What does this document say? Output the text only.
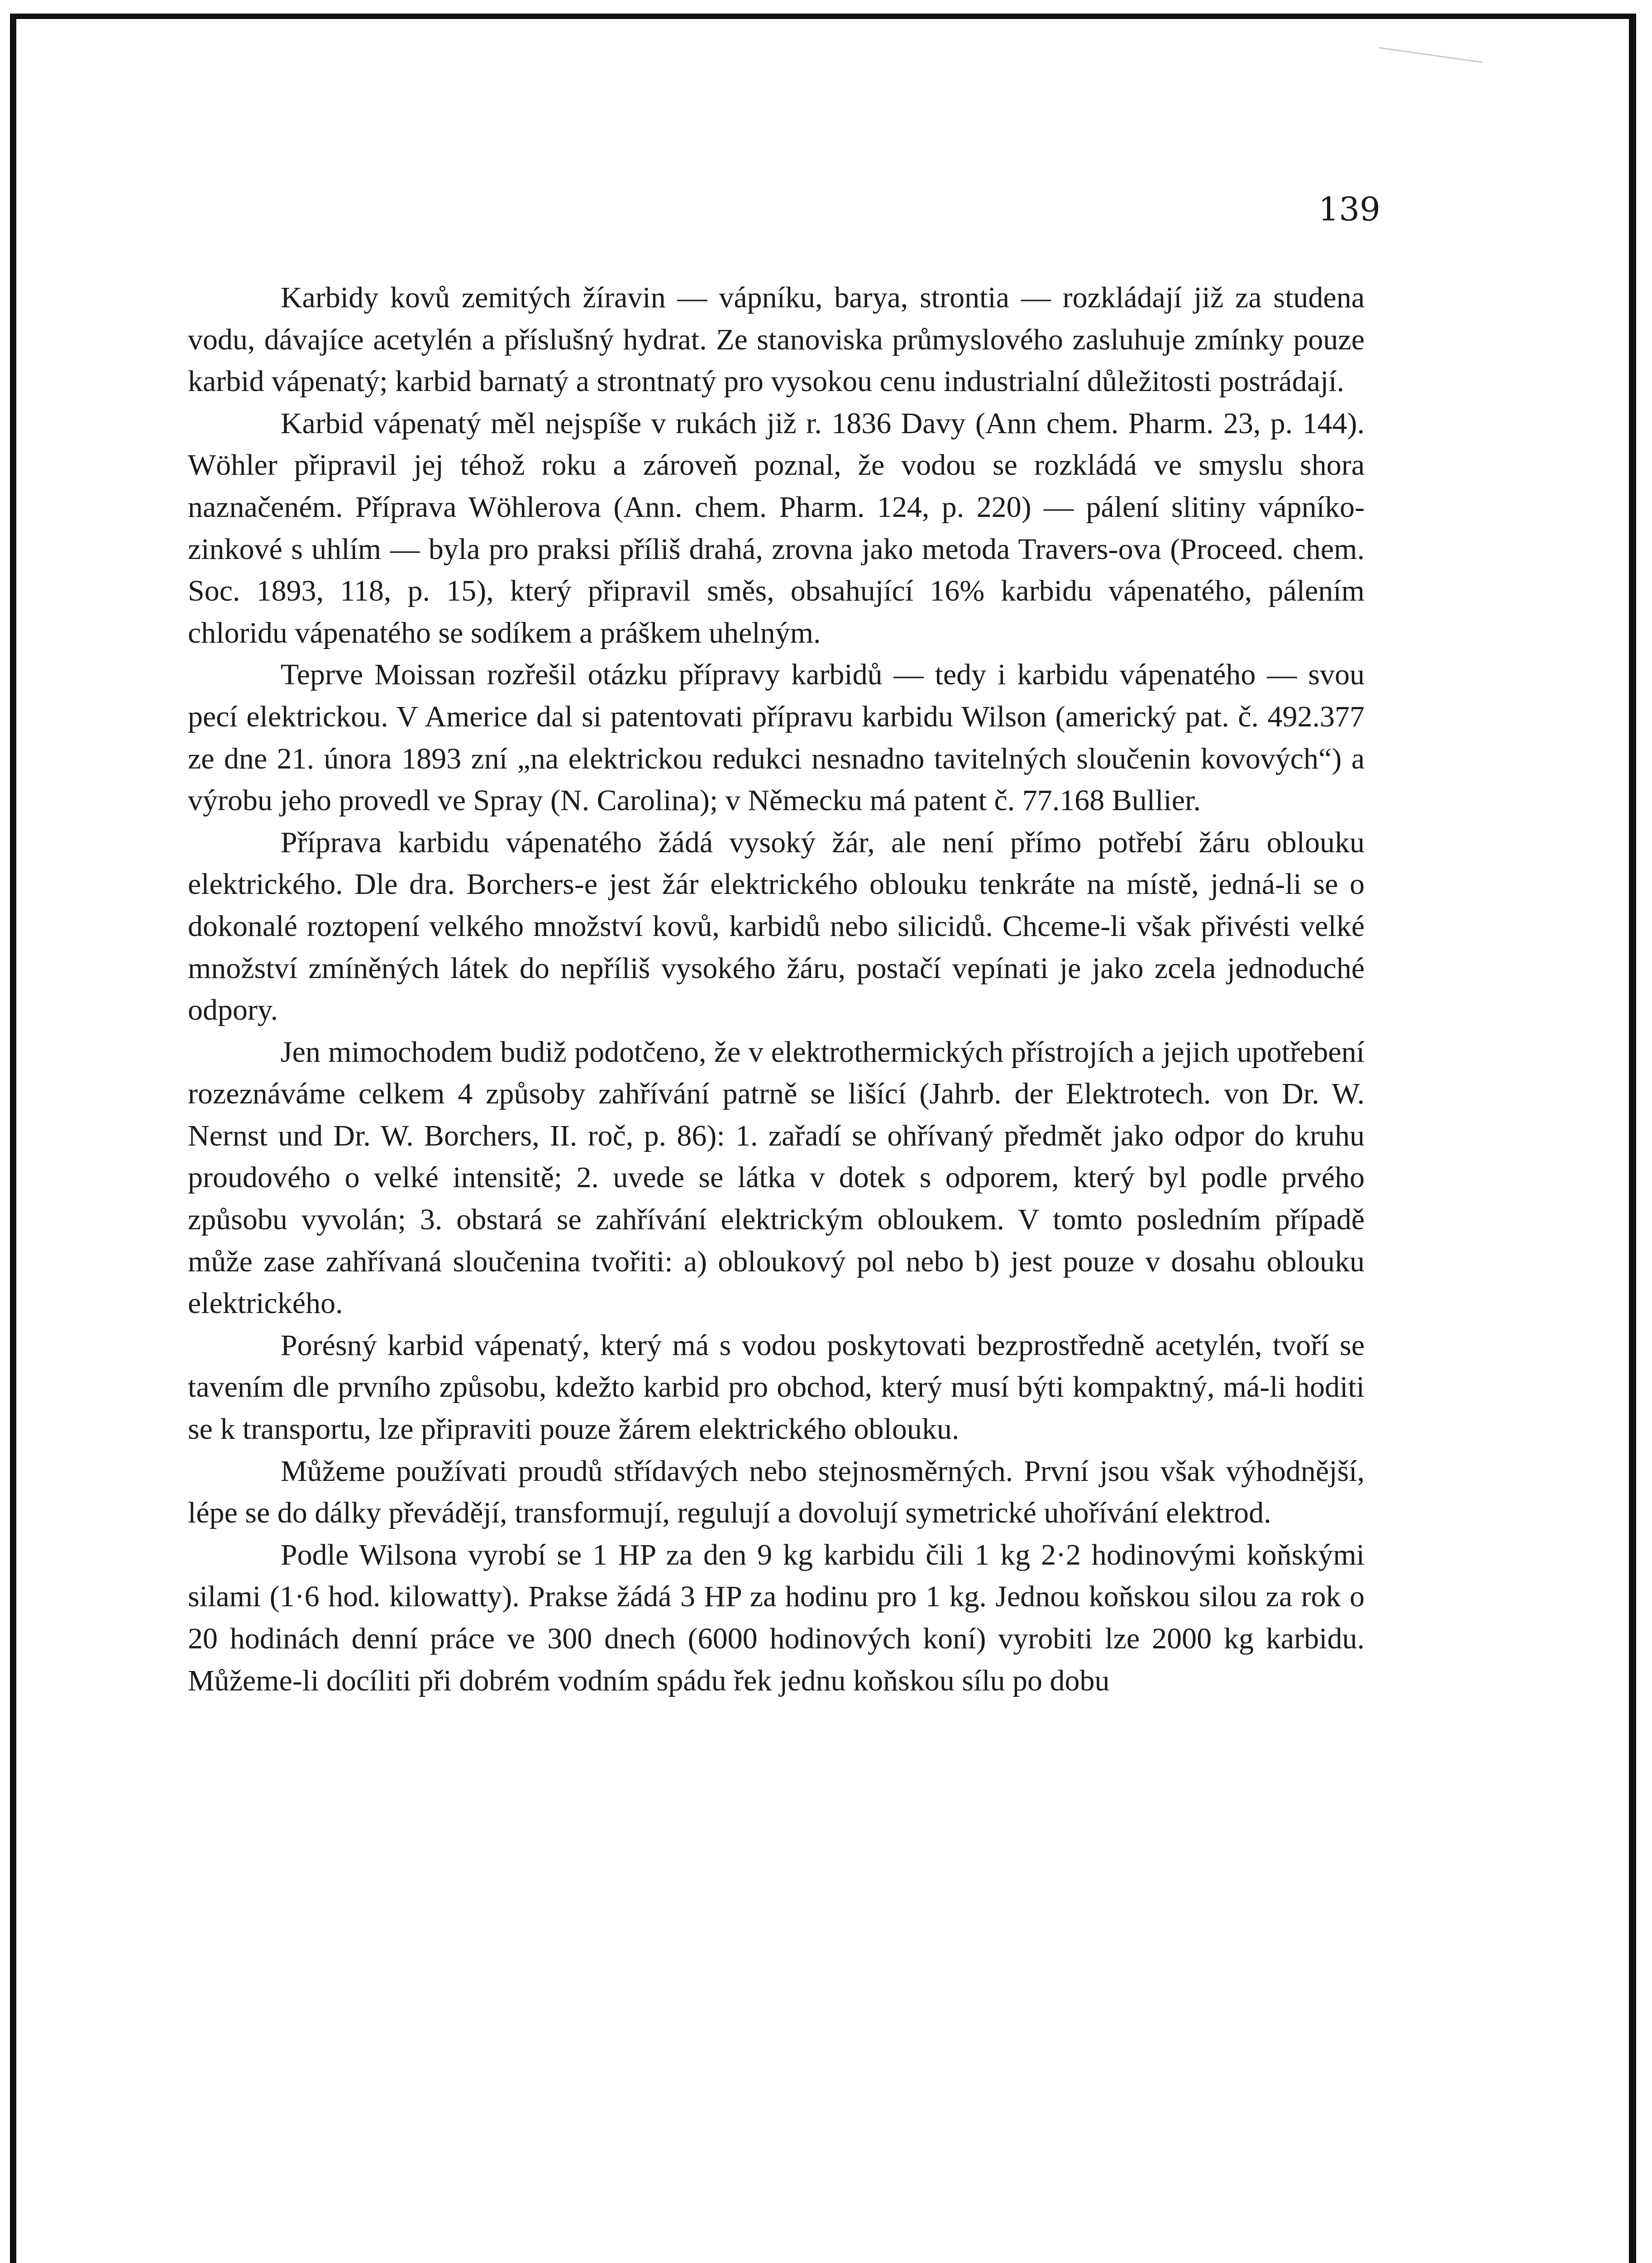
139

Karbidy kovů zemitých žíravin — vápníku, barya, strontia — rozkládají již za studena vodu, dávajíce acetylén a příslušný hydrat. Ze stanoviska průmyslového zasluhuje zmínky pouze karbid vápenatý; karbid barnatý a strontnatý pro vysokou cenu industrialní důležitosti postrádají.

Karbid vápenatý měl nejspíše v rukách již r. 1836 Davy (Ann chem. Pharm. 23, p. 144). Wöhler připravil jej téhož roku a zároveň poznal, že vodou se rozkládá ve smyslu shora naznačeném. Příprava Wöhlerova (Ann. chem. Pharm. 124, p. 220) — pálení slitiny vápníko-zinkové s uhlím — byla pro praksi příliš drahá, zrovna jako metoda Travers-ova (Proceed. chem. Soc. 1893, 118, p. 15), který připravil směs, obsahující 16% karbidu vápenatého, pálením chloridu vápenatého se sodíkem a práškem uhelným.

Teprve Moissan rozřešil otázku přípravy karbidů — tedy i karbidu vápenatého — svou pecí elektrickou. V Americe dal si patentovati přípravu karbidu Wilson (americký pat. č. 492.377 ze dne 21. února 1893 zní „na elektrickou redukci nesnadno tavitelných sloučenin kovových“) a výrobu jeho provedl ve Spray (N. Carolina); v Německu má patent č. 77.168 Bullier.

Příprava karbidu vápenatého žádá vysoký žár, ale není přímo potřebí žáru oblouku elektrického. Dle dra. Borchers-e jest žár elektrického oblouku tenkráte na místě, jedná-li se o dokonalé roztopení velkého množství kovů, karbidů nebo silicidů. Chceme-li však přivésti velké množství zmíněných látek do nepříliš vysokého žáru, postačí vepínati je jako zcela jednoduché odpory.

Jen mimochodem budiž podotčeno, že v elektrothermických přístrojích a jejich upotřebení rozeznáváme celkem 4 způsoby zahřívání patrně se lišící (Jahrb. der Elektrotech. von Dr. W. Nernst und Dr. W. Borchers, II. roč, p. 86): 1. zařadí se ohřívaný předmět jako odpor do kruhu proudového o velké intensitě; 2. uvede se látka v dotek s odporem, který byl podle prvého způsobu vyvolán; 3. obstará se zahřívání elektrickým obloukem. V tomto posledním případě může zase zahřívaná sloučenina tvořiti: a) obloukový pol nebo b) jest pouze v dosahu oblouku elektrického.

Porésný karbid vápenatý, který má s vodou poskytovati bezprostředně acetylén, tvoří se tavením dle prvního způsobu, kdežto karbid pro obchod, který musí býti kompaktný, má-li hoditi se k transportu, lze připraviti pouze žárem elektrického oblouku.

Můžeme používati proudů střídavých nebo stejnosměrných. První jsou však výhodnější, lépe se do dálky převádějí, transformují, regulují a dovolují symetrické uhořívání elektrod.

Podle Wilsona vyrobí se 1 HP za den 9 kg karbidu čili 1 kg 2·2 hodinovými koňskými silami (1·6 hod. kilowatty). Prakse žádá 3 HP za hodinu pro 1 kg. Jednou koňskou silou za rok o 20 hodinách denní práce ve 300 dnech (6000 hodinových koní) vyrobiti lze 2000 kg karbidu. Můžeme-li docíliti při dobrém vodním spádu řek jednu koňskou sílu po dobu
